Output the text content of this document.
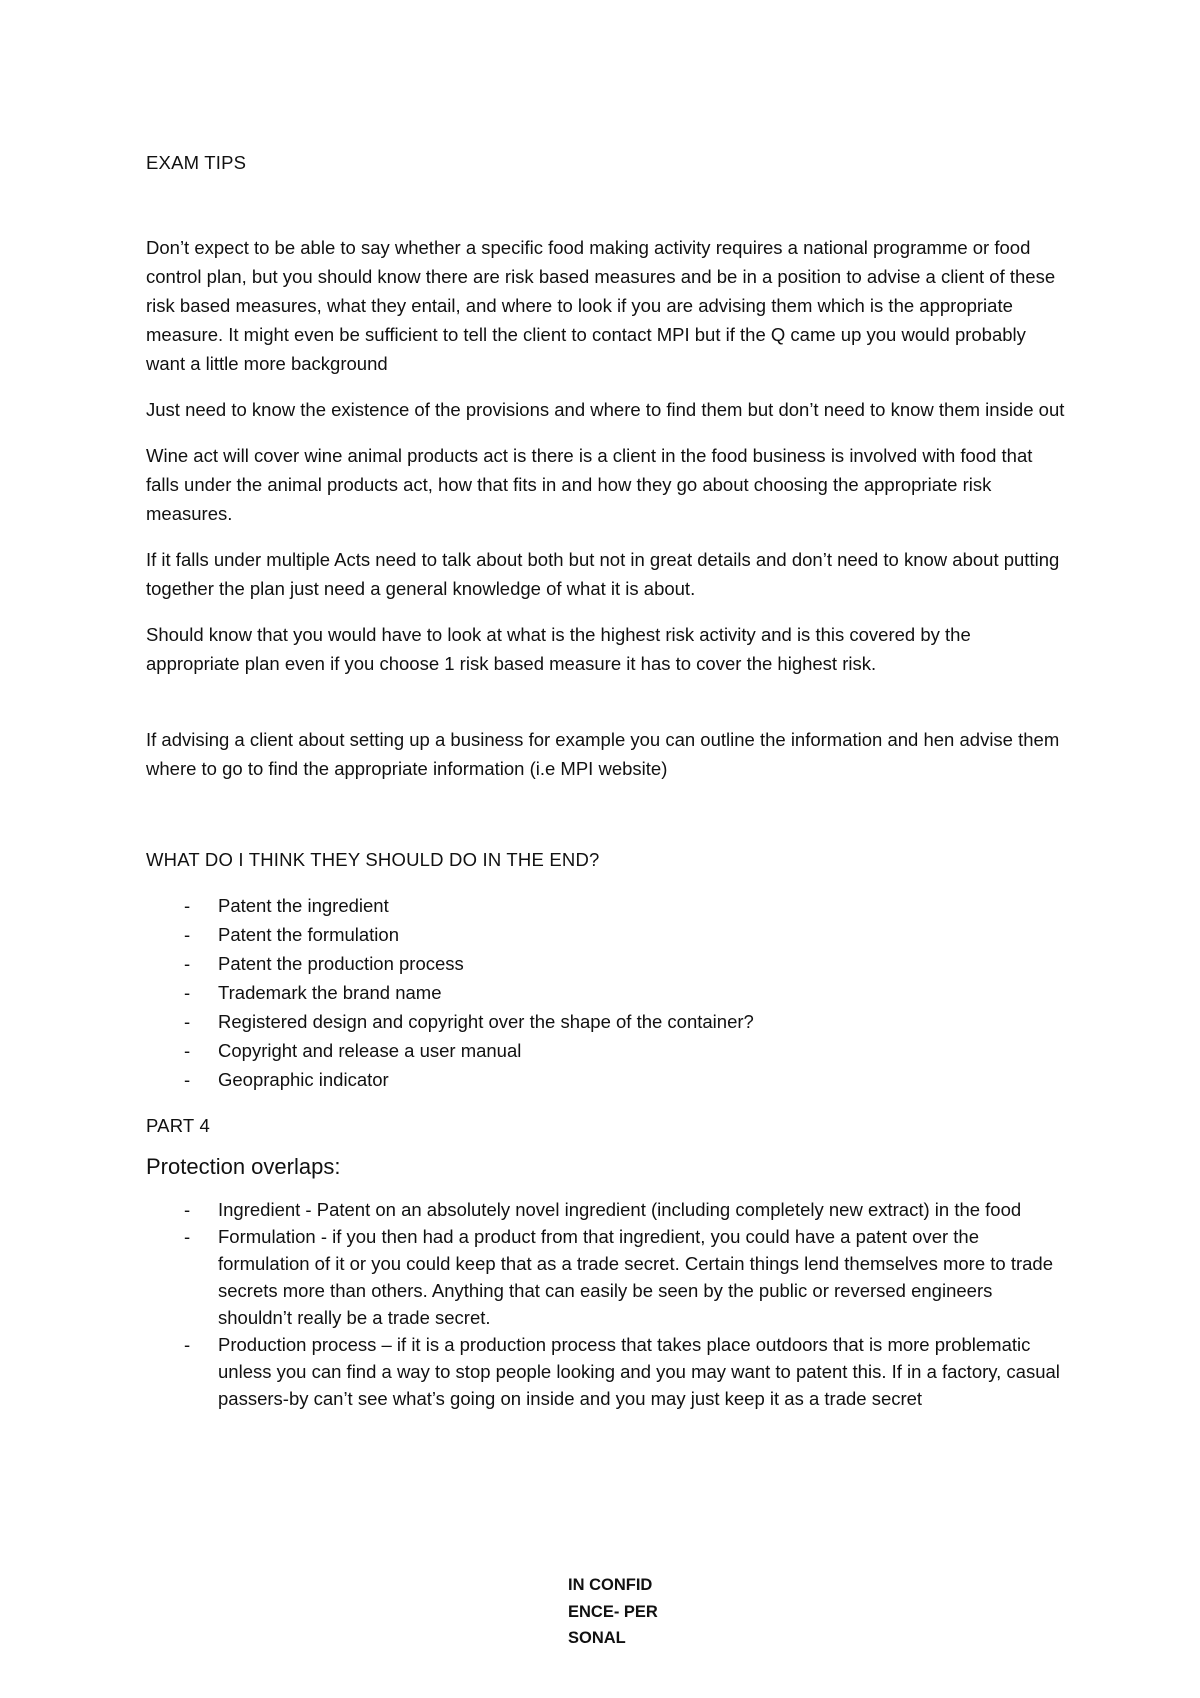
EXAM TIPS

Don’t expect to be able to say whether a specific food making activity requires a national programme or food control plan, but you should know there are risk based measures and be in a position to advise a client of these risk based measures, what they entail, and where to look if you are advising them which is the appropriate measure. It might even be sufficient to tell the client to contact MPI but if the Q came up you would probably want a little more background

Just need to know the existence of the provisions and where to find them but don’t need to know them inside out

Wine act will cover wine animal products act is there is a client in the food business is involved with food that falls under the animal products act, how that fits in and how they go about choosing the appropriate risk measures.

If it falls under multiple Acts need to talk about both but not in great details and don’t need to know about putting together the plan just need a general knowledge of what it is about.

Should know that you would have to look at what is the highest risk activity and is this covered by the appropriate plan even if you choose 1 risk based measure it has to cover the highest risk.

If advising a client about setting up a business for example you can outline the information and hen advise them where to go to find the appropriate information (i.e MPI website)

WHAT DO I THINK THEY SHOULD DO IN THE END?

- Patent the ingredient
- Patent the formulation
- Patent the production process
- Trademark the brand name
- Registered design and copyright over the shape of the container?
- Copyright and release a user manual
- Geopraphic indicator

PART 4

Protection overlaps:

- Ingredient - Patent on an absolutely novel ingredient (including completely new extract) in the food
- Formulation - if you then had a product from that ingredient, you could have a patent over the formulation of it or you could keep that as a trade secret. Certain things lend themselves more to trade secrets more than others. Anything that can easily be seen by the public or reversed engineers shouldn’t really be a trade secret.
- Production process – if it is a production process that takes place outdoors that is more problematic unless you can find a way to stop people looking and you may want to patent this. If in a factory, casual passers-by can’t see what’s going on inside and you may just keep it as a trade secret
IN CONFIDENCE- PERSONAL
